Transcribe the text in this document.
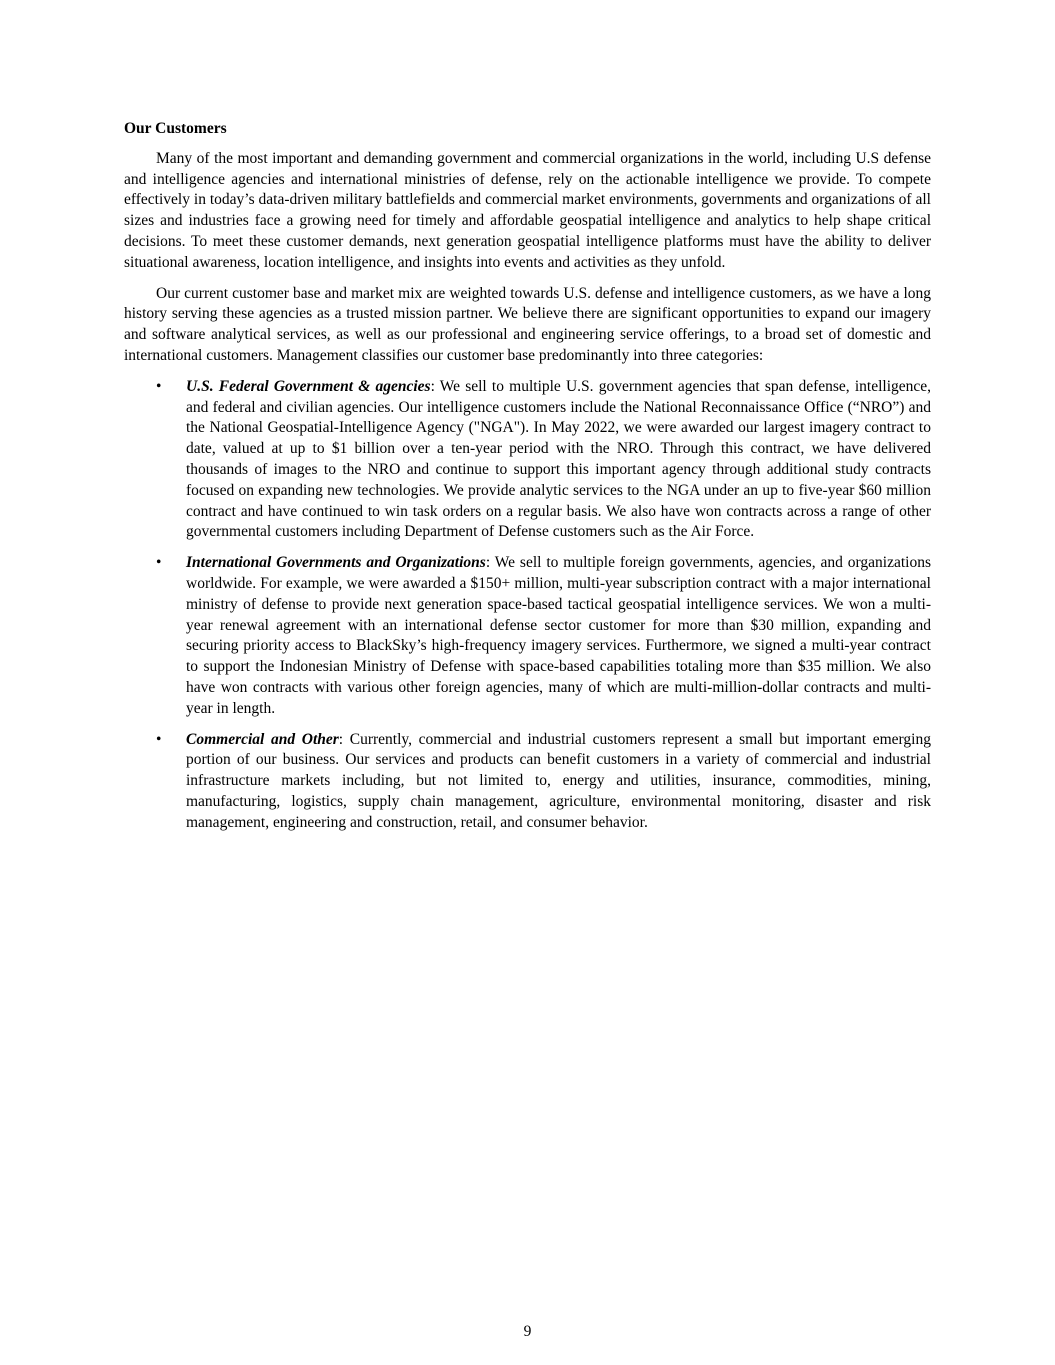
Our Customers

Many of the most important and demanding government and commercial organizations in the world, including U.S defense and intelligence agencies and international ministries of defense, rely on the actionable intelligence we provide. To compete effectively in today’s data-driven military battlefields and commercial market environments, governments and organizations of all sizes and industries face a growing need for timely and affordable geospatial intelligence and analytics to help shape critical decisions. To meet these customer demands, next generation geospatial intelligence platforms must have the ability to deliver situational awareness, location intelligence, and insights into events and activities as they unfold.

Our current customer base and market mix are weighted towards U.S. defense and intelligence customers, as we have a long history serving these agencies as a trusted mission partner. We believe there are significant opportunities to expand our imagery and software analytical services, as well as our professional and engineering service offerings, to a broad set of domestic and international customers. Management classifies our customer base predominantly into three categories:

• U.S. Federal Government & agencies: We sell to multiple U.S. government agencies that span defense, intelligence, and federal and civilian agencies. Our intelligence customers include the National Reconnaissance Office (“NRO”) and the National Geospatial-Intelligence Agency ("NGA"). In May 2022, we were awarded our largest imagery contract to date, valued at up to $1 billion over a ten-year period with the NRO. Through this contract, we have delivered thousands of images to the NRO and continue to support this important agency through additional study contracts focused on expanding new technologies. We provide analytic services to the NGA under an up to five-year $60 million contract and have continued to win task orders on a regular basis. We also have won contracts across a range of other governmental customers including Department of Defense customers such as the Air Force.
• International Governments and Organizations: We sell to multiple foreign governments, agencies, and organizations worldwide. For example, we were awarded a $150+ million, multi-year subscription contract with a major international ministry of defense to provide next generation space-based tactical geospatial intelligence services. We won a multi-year renewal agreement with an international defense sector customer for more than $30 million, expanding and securing priority access to BlackSky’s high-frequency imagery services. Furthermore, we signed a multi-year contract to support the Indonesian Ministry of Defense with space-based capabilities totaling more than $35 million. We also have won contracts with various other foreign agencies, many of which are multi-million-dollar contracts and multi-year in length.
• Commercial and Other: Currently, commercial and industrial customers represent a small but important emerging portion of our business. Our services and products can benefit customers in a variety of commercial and industrial infrastructure markets including, but not limited to, energy and utilities, insurance, commodities, mining, manufacturing, logistics, supply chain management, agriculture, environmental monitoring, disaster and risk management, engineering and construction, retail, and consumer behavior.
9
